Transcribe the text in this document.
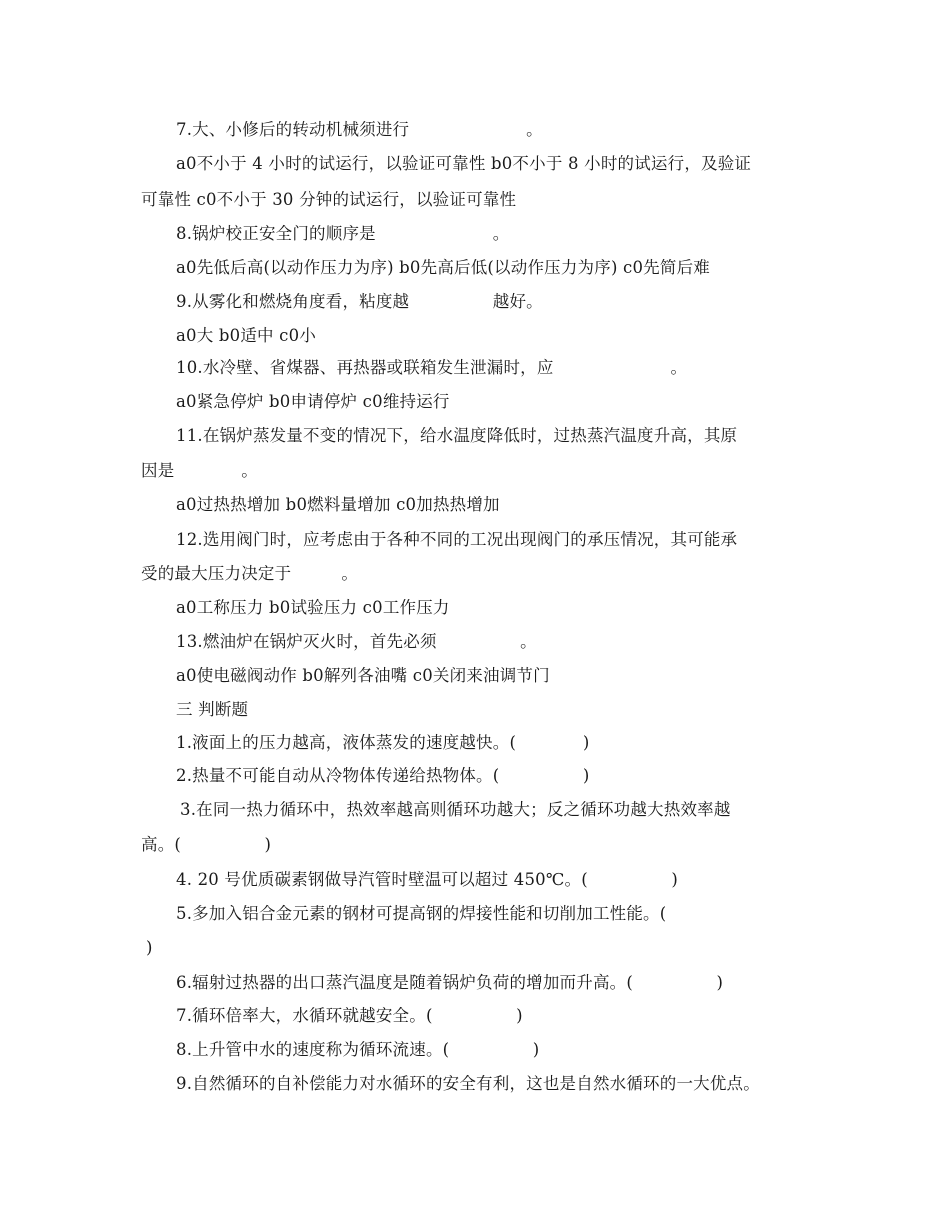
7.大、小修后的转动机械须进行　　　　　　　。
a0不小于 4 小时的试运行，以验证可靠性 b0不小于 8 小时的试运行，及验证
可靠性 c0不小于 30 分钟的试运行，以验证可靠性
8.锅炉校正安全门的顺序是　　　　　　　。
a0先低后高(以动作压力为序) b0先高后低(以动作压力为序) c0先简后难
9.从雾化和燃烧角度看，粘度越　　　　　越好。
a0大 b0适中 c0小
10.水冷壁、省煤器、再热器或联箱发生泄漏时，应　　　　　　　。
a0紧急停炉 b0申请停炉 c0维持运行
11.在锅炉蒸发量不变的情况下，给水温度降低时，过热蒸汽温度升高，其原
因是　　　　。
a0过热热增加 b0燃料量增加 c0加热热增加
12.选用阀门时，应考虑由于各种不同的工况出现阀门的承压情况，其可能承
受的最大压力决定于　　　。
a0工称压力 b0试验压力 c0工作压力
13.燃油炉在锅炉灭火时，首先必须　　　　　。
a0使电磁阀动作 b0解列各油嘴 c0关闭来油调节门
三 判断题
1.液面上的压力越高，液体蒸发的速度越快。(　　　　)
2.热量不可能自动从冷物体传递给热物体。(　　　　　)
3.在同一热力循环中，热效率越高则循环功越大；反之循环功越大热效率越
高。(　　　　　)
4. 20 号优质碳素钢做导汽管时壁温可以超过 450℃。(　　　　　)
5.多加入铝合金元素的钢材可提高钢的焊接性能和切削加工性能。(
)
6.辐射过热器的出口蒸汽温度是随着锅炉负荷的增加而升高。(　　　　　)
7.循环倍率大，水循环就越安全。(　　　　　)
8.上升管中水的速度称为循环流速。(　　　　　)
9.自然循环的自补偿能力对水循环的安全有利，这也是自然水循环的一大优点。
